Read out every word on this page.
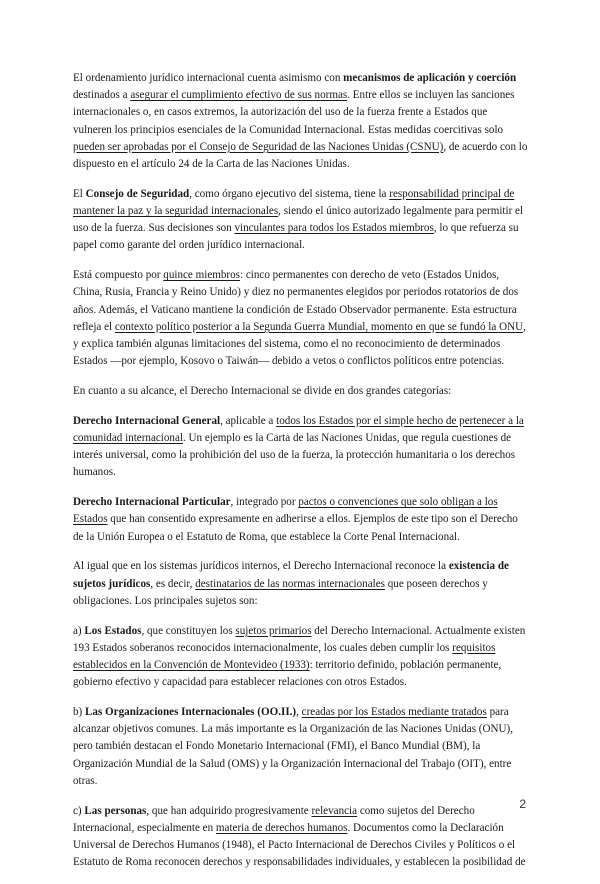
El ordenamiento jurídico internacional cuenta asimismo con mecanismos de aplicación y coerción destinados a asegurar el cumplimiento efectivo de sus normas. Entre ellos se incluyen las sanciones internacionales o, en casos extremos, la autorización del uso de la fuerza frente a Estados que vulneren los principios esenciales de la Comunidad Internacional. Estas medidas coercitivas solo pueden ser aprobadas por el Consejo de Seguridad de las Naciones Unidas (CSNU), de acuerdo con lo dispuesto en el artículo 24 de la Carta de las Naciones Unidas.

El Consejo de Seguridad, como órgano ejecutivo del sistema, tiene la responsabilidad principal de mantener la paz y la seguridad internacionales, siendo el único autorizado legalmente para permitir el uso de la fuerza. Sus decisiones son vinculantes para todos los Estados miembros, lo que refuerza su papel como garante del orden jurídico internacional.

Está compuesto por quince miembros: cinco permanentes con derecho de veto (Estados Unidos, China, Rusia, Francia y Reino Unido) y diez no permanentes elegidos por periodos rotatorios de dos años. Además, el Vaticano mantiene la condición de Estado Observador permanente. Esta estructura refleja el contexto político posterior a la Segunda Guerra Mundial, momento en que se fundó la ONU, y explica también algunas limitaciones del sistema, como el no reconocimiento de determinados Estados —por ejemplo, Kosovo o Taiwán— debido a vetos o conflictos políticos entre potencias.

En cuanto a su alcance, el Derecho Internacional se divide en dos grandes categorías:

Derecho Internacional General, aplicable a todos los Estados por el simple hecho de pertenecer a la comunidad internacional. Un ejemplo es la Carta de las Naciones Unidas, que regula cuestiones de interés universal, como la prohibición del uso de la fuerza, la protección humanitaria o los derechos humanos.

Derecho Internacional Particular, integrado por pactos o convenciones que solo obligan a los Estados que han consentido expresamente en adherirse a ellos. Ejemplos de este tipo son el Derecho de la Unión Europea o el Estatuto de Roma, que establece la Corte Penal Internacional.

Al igual que en los sistemas jurídicos internos, el Derecho Internacional reconoce la existencia de sujetos jurídicos, es decir, destinatarios de las normas internacionales que poseen derechos y obligaciones. Los principales sujetos son:

a) Los Estados, que constituyen los sujetos primarios del Derecho Internacional. Actualmente existen 193 Estados soberanos reconocidos internacionalmente, los cuales deben cumplir los requisitos establecidos en la Convención de Montevideo (1933): territorio definido, población permanente, gobierno efectivo y capacidad para establecer relaciones con otros Estados.

b) Las Organizaciones Internacionales (OO.II.), creadas por los Estados mediante tratados para alcanzar objetivos comunes. La más importante es la Organización de las Naciones Unidas (ONU), pero también destacan el Fondo Monetario Internacional (FMI), el Banco Mundial (BM), la Organización Mundial de la Salud (OMS) y la Organización Internacional del Trabajo (OIT), entre otras.

c) Las personas, que han adquirido progresivamente relevancia como sujetos del Derecho Internacional, especialmente en materia de derechos humanos. Documentos como la Declaración Universal de Derechos Humanos (1948), el Pacto Internacional de Derechos Civiles y Políticos o el Estatuto de Roma reconocen derechos y responsabilidades individuales, y establecen la posibilidad de

2
